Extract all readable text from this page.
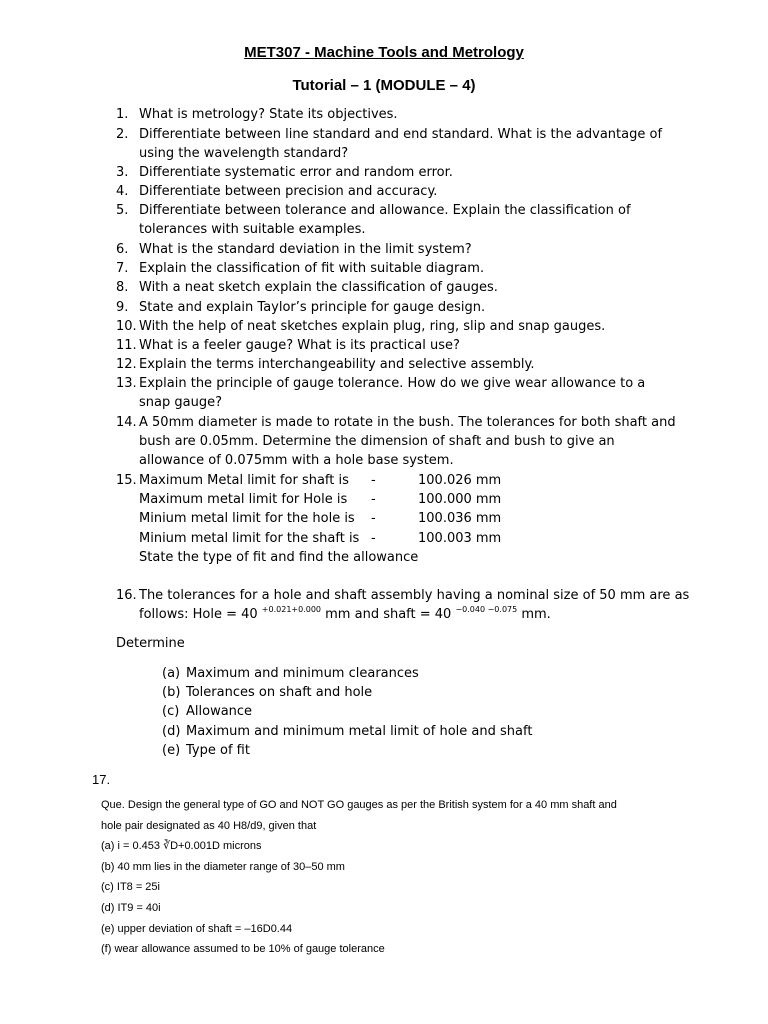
MET307 - Machine Tools and Metrology
Tutorial – 1 (MODULE – 4)
1. What is metrology? State its objectives.
2. Differentiate between line standard and end standard. What is the advantage of using the wavelength standard?
3. Differentiate systematic error and random error.
4. Differentiate between precision and accuracy.
5. Differentiate between tolerance and allowance. Explain the classification of tolerances with suitable examples.
6. What is the standard deviation in the limit system?
7. Explain the classification of fit with suitable diagram.
8. With a neat sketch explain the classification of gauges.
9. State and explain Taylor’s principle for gauge design.
10. With the help of neat sketches explain plug, ring, slip and snap gauges.
11. What is a feeler gauge? What is its practical use?
12. Explain the terms interchangeability and selective assembly.
13. Explain the principle of gauge tolerance. How do we give wear allowance to a snap gauge?
14. A 50mm diameter is made to rotate in the bush. The tolerances for both shaft and bush are 0.05mm. Determine the dimension of shaft and bush to give an allowance of 0.075mm with a hole base system.
15. Maximum Metal limit for shaft is -	100.026 mm
Maximum metal limit for Hole is -	100.000 mm
Minium metal limit for the hole is -	100.036 mm
Minium metal limit for the shaft is -	100.003 mm
State the type of fit and find the allowance
16. The tolerances for a hole and shaft assembly having a nominal size of 50 mm are as
follows: Hole = 40 $^{+0.021+0.000}$ mm and shaft = 40 $^{-0.040 -0.075}$ mm.
Determine
(a) Maximum and minimum clearances
(b) Tolerances on shaft and hole
(c) Allowance
(d) Maximum and minimum metal limit of hole and shaft
(e) Type of fit
17.
Que. Design the general type of GO and NOT GO gauges as per the British system for a 40 mm shaft and
hole pair designated as 40 H8/d9, given that
(a) i = 0.453 ∛D+0.001D microns
(b) 40 mm lies in the diameter range of 30–50 mm
(c) IT8 = 25i
(d) IT9 = 40i
(e) upper deviation of shaft = –16D0.44
(f) wear allowance assumed to be 10% of gauge tolerance
